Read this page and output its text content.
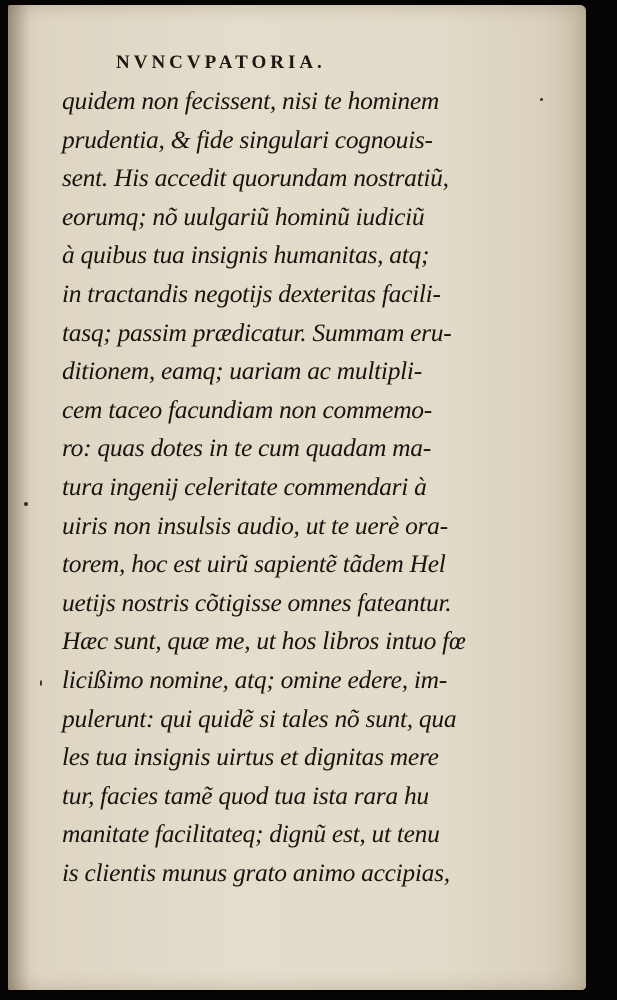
NVNCVPATORIA.
quidem non fecissent, nisi te hominem
prudentia, & fide singulari cognouis-
sent. His accedit quorundam nostratiũ,
eorumq; nõ uulgariũ hominũ iudiciũ
à quibus tua insignis humanitas, atq;
in tractandis negotijs dexteritas facili-
tasq; passim prædicatur. Summam eru-
ditionem, eamq; uariam ac multipli-
cem taceo facundiam non commemo-
ro: quas dotes in te cum quadam ma-
tura ingenij celeritate commendari à
uiris non insulsis audio, ut te uerè ora-
torem, hoc est uirũ sapientẽ tãdem Hel
uetijs nostris cõtigisse omnes fateantur.
Hæc sunt, quæ me, ut hos libros intuo fœ
licißimo nomine, atq; omine edere, im-
pulerunt: qui quidẽ si tales nõ sunt, qua
les tua insignis uirtus et dignitas mere
tur, facies tamẽ quod tua ista rara hu
manitate facilitateq; dignũ est, ut tenu
is clientis munus grato animo accipias,
